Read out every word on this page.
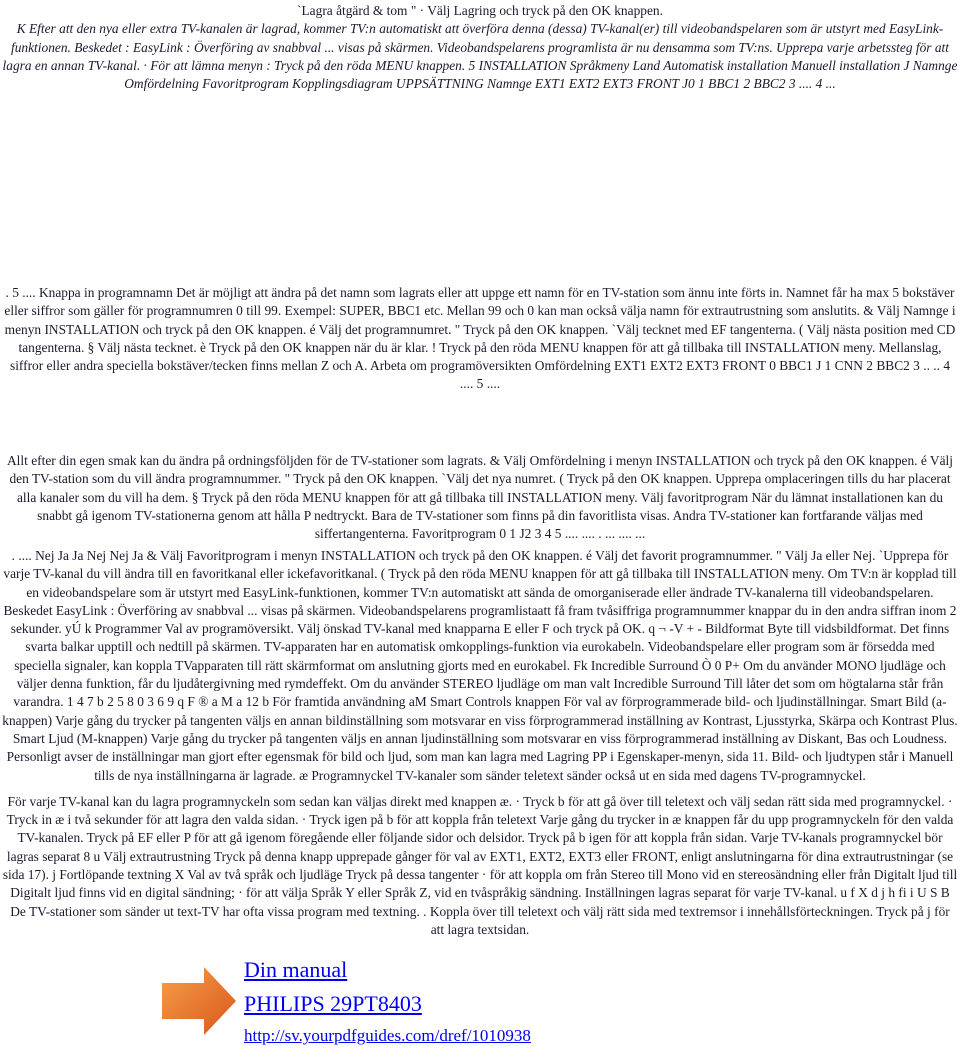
`Lagra åtgärd & tom " · Välj Lagring och tryck på den OK knappen.

K Efter att den nya eller extra TV-kanalen är lagrad, kommer TV:n automatiskt att överföra denna (dessa) TV-kanal(er) till videobandspelaren som är utstyrt med EasyLink-funktionen. Beskedet : EasyLink : Överföring av snabbval ... visas på skärmen. Videobandspelarens programlista är nu densamma som TV:ns. Upprepa varje arbetssteg för att lagra en annan TV-kanal. · För att lämna menyn : Tryck på den röda MENU knappen. 5 INSTALLATION Språkmeny Land Automatisk installation Manuell installation J Namnge Omfördelning Favoritprogram Kopplingsdiagram UPPSÄTTNING Namnge EXT1 EXT2 EXT3 FRONT J0 1 BBC1 2 BBC2 3 .... 4 ...

. 5 .... Knappa in programnamn Det är möjligt att ändra på det namn som lagrats eller att uppge ett namn för en TV-station som ännu inte förts in. Namnet får ha max 5 bokstäver eller siffror som gäller för programnumren 0 till 99. Exempel: SUPER, BBC1 etc. Mellan 99 och 0 kan man också välja namn för extrautrustning som anslutits. & Välj Namnge i menyn INSTALLATION och tryck på den OK knappen. é Välj det programnumret. " Tryck på den OK knappen. `Välj tecknet med EF tangenterna. ( Välj nästa position med CD tangenterna. § Välj nästa tecknet. è Tryck på den OK knappen när du är klar. ! Tryck på den röda MENU knappen för att gå tillbaka till INSTALLATION meny. Mellanslag, siffror eller andra speciella bokstäver/tecken finns mellan Z och A. Arbeta om programöversikten Omfördelning EXT1 EXT2 EXT3 FRONT 0 BBC1 J 1 CNN 2 BBC2 3 .. .. 4 .... 5 ....

Allt efter din egen smak kan du ändra på ordningsföljden för de TV-stationer som lagrats. & Välj Omfördelning i menyn INSTALLATION och tryck på den OK knappen. é Välj den TV-station som du vill ändra programnummer. " Tryck på den OK knappen. `Välj det nya numret. ( Tryck på den OK knappen. Upprepa omplaceringen tills du har placerat alla kanaler som du vill ha dem. § Tryck på den röda MENU knappen för att gå tillbaka till INSTALLATION meny. Välj favoritprogram När du lämnat installationen kan du snabbt gå igenom TV-stationerna genom att hålla P nedtryckt. Bara de TV-stationer som finns på din favoritlista visas. Andra TV-stationer kan fortfarande väljas med siffertangenterna. Favoritprogram 0 1 J2 3 4 5 .... .... . ... .... ...

. .... Nej Ja Ja Nej Nej Ja & Välj Favoritprogram i menyn INSTALLATION och tryck på den OK knappen. é Välj det favorit programnummer. " Välj Ja eller Nej. `Upprepa för varje TV-kanal du vill ändra till en favoritkanal eller ickefavoritkanal. ( Tryck på den röda MENU knappen för att gå tillbaka till INSTALLATION meny. Om TV:n är kopplad till en videobandspelare som är utstyrt med EasyLink-funktionen, kommer TV:n automatiskt att sända de omorganiserade eller ändrade TV-kanalerna till videobandspelaren. Beskedet EasyLink : Överföring av snabbval ... visas på skärmen. Videobandspelarens programlistaatt få fram tvåsiffriga programnummer knappar du in den andra siffran inom 2 sekunder. yÚ k Programmer Val av programöversikt. Välj önskad TV-kanal med knapparna E eller F och tryck på OK. q ¬ -V + - Bildformat Byte till vidsbildformat. Det finns svarta balkar upptill och nedtill på skärmen. TV-apparaten har en automatisk omkopplings-funktion via eurokabeln. Videobandspelare eller program som är försedda med speciella signaler, kan koppla TVapparaten till rätt skärmformat om anslutning gjorts med en eurokabel. Fk Incredible Surround Ò 0 P+ Om du använder MONO ljudläge och väljer denna funktion, får du ljudåtergivning med rymdeffekt. Om du använder STEREO ljudläge om man valt Incredible Surround Till låter det som om högtalarna står från varandra. 1 4 7 b 2 5 8 0 3 6 9 q F ® a M a 12 b För framtida användning aM Smart Controls knappen För val av förprogrammerade bild- och ljudinställningar. Smart Bild (a-knappen) Varje gång du trycker på tangenten väljs en annan bildinställning som motsvarar en viss förprogrammerad inställning av Kontrast, Ljusstyrka, Skärpa och Kontrast Plus. Smart Ljud (M-knappen) Varje gång du trycker på tangenten väljs en annan ljudinställning som motsvarar en viss förprogrammerad inställning av Diskant, Bas och Loudness. Personligt avser de inställningar man gjort efter egensmak för bild och ljud, som man kan lagra med Lagring PP i Egenskaper-menyn, sida 11. Bild- och ljudtypen står i Manuell tills de nya inställningarna är lagrade. æ Programnyckel TV-kanaler som sänder teletext sänder också ut en sida med dagens TV-programnyckel.

För varje TV-kanal kan du lagra programnyckeln som sedan kan väljas direkt med knappen æ. · Tryck b för att gå över till teletext och välj sedan rätt sida med programnyckel. · Tryck in æ i två sekunder för att lagra den valda sidan. · Tryck igen på b för att koppla från teletext Varje gång du trycker in æ knappen får du upp programnyckeln för den valda TV-kanalen. Tryck på EF eller P för att gå igenom föregående eller följande sidor och delsidor. Tryck på b igen för att koppla från sidan. Varje TV-kanals programnyckel bör lagras separat 8 u Välj extrautrustning Tryck på denna knapp upprepade gånger för val av EXT1, EXT2, EXT3 eller FRONT, enligt anslutningarna för dina extrautrustningar (se sida 17). j Fortlöpande textning X Val av två språk och ljudläge Tryck på dessa tangenter · för att koppla om från Stereo till Mono vid en stereosändning eller från Digitalt ljud till Digitalt ljud finns vid en digital sändning; · för att välja Språk Y eller Språk Z, vid en tvåspråkig sändning. Inställningen lagras separat för varje TV-kanal. u f X d j h fi i U S B De TV-stationer som sänder ut text-TV har ofta vissa program med textning. . Koppla över till teletext och välj rätt sida med textremsor i innehållsförteckningen. Tryck på j för att lagra textsidan.

Din manual
PHILIPS 29PT8403
http://sv.yourpdfguides.com/dref/1010938
